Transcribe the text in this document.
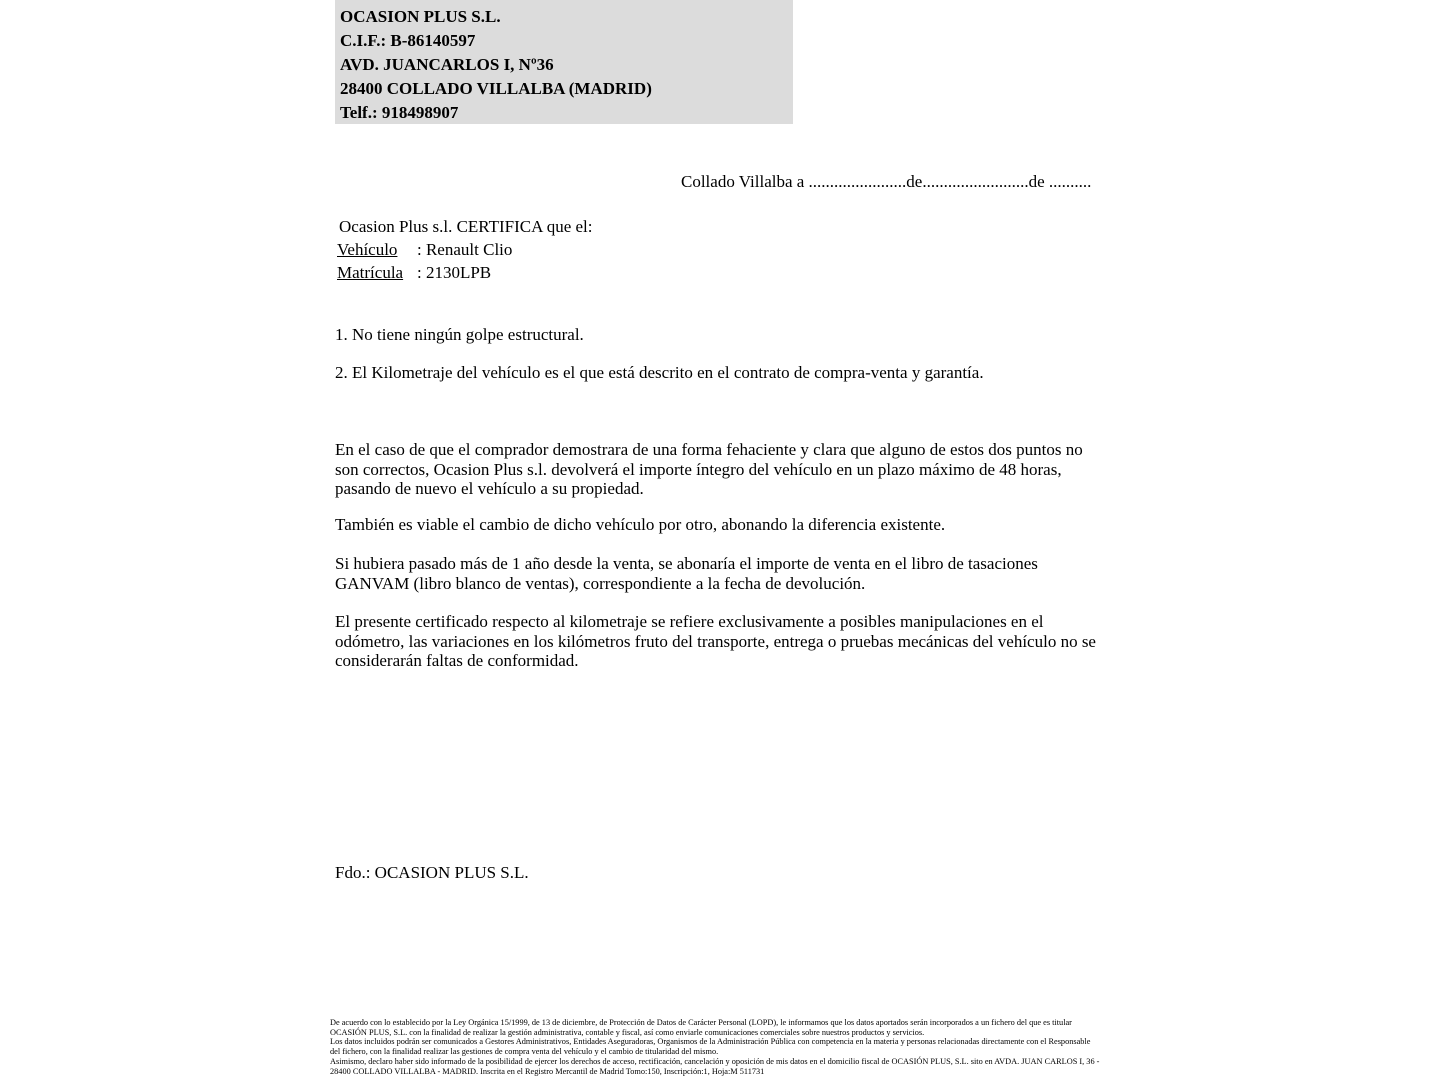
OCASION PLUS S.L.
C.I.F.: B-86140597
AVD. JUANCARLOS I, Nº36
28400 COLLADO VILLALBA (MADRID)
Telf.: 918498907
Collado Villalba a .......................de.........................de ..........
Ocasion Plus s.l. CERTIFICA que el:
Vehículo : Renault Clio
Matrícula : 2130LPB
1. No tiene ningún golpe estructural.
2. El Kilometraje del vehículo es el que está descrito en el contrato de compra-venta y garantía.
En el caso de que el comprador demostrara de una forma fehaciente y clara que alguno de estos dos puntos no son correctos, Ocasion Plus s.l. devolverá el importe íntegro del vehículo en un plazo máximo de 48 horas, pasando de nuevo el vehículo a su propiedad.
También es viable el cambio de dicho vehículo por otro, abonando la diferencia existente.
Si hubiera pasado más de 1 año desde la venta, se abonaría el importe de venta en el libro de tasaciones GANVAM (libro blanco de ventas), correspondiente a la fecha de devolución.
El presente certificado respecto al kilometraje se refiere exclusivamente a posibles manipulaciones en el odómetro, las variaciones en los kilómetros fruto del transporte, entrega o pruebas mecánicas del vehículo no se considerarán faltas de conformidad.
Fdo.: OCASION PLUS S.L.

De acuerdo con lo establecido por la Ley Orgánica 15/1999, de 13 de diciembre, de Protección de Datos de Carácter Personal (LOPD), le informamos que los datos aportados serán incorporados a un fichero del que es titular OCASIÓN PLUS, S.L. con la finalidad de realizar la gestión administrativa, contable y fiscal, así como enviarle comunicaciones comerciales sobre nuestros productos y servicios.

Los datos incluidos podrán ser comunicados a Gestores Administrativos, Entidades Aseguradoras, Organismos de la Administración Pública con competencia en la materia y personas relacionadas directamente con el Responsable del fichero, con la finalidad realizar las gestiones de compra venta del vehículo y el cambio de titularidad del mismo.

Asimismo, declaro haber sido informado de la posibilidad de ejercer los derechos de acceso, rectificación, cancelación y oposición de mis datos en el domicilio fiscal de OCASIÓN PLUS, S.L. sito en AVDA. JUAN CARLOS I, 36 - 28400 COLLADO VILLALBA - MADRID. Inscrita en el Registro Mercantil de Madrid Tomo:150, Inscripción:1, Hoja:M 511731
